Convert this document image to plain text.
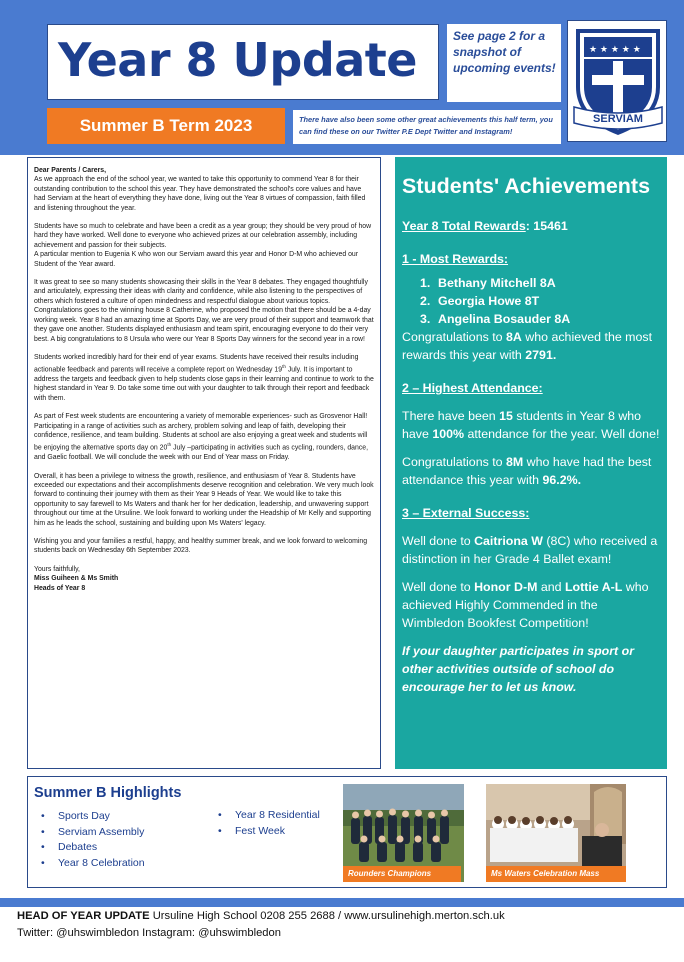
Year 8 Update
Summer B Term 2023
See page 2 for a snapshot of upcoming events!
There have also been some other great achievements this half term, you can find these on our Twitter P.E Dept Twitter and Instagram!
★ ★ ★ ★ ★
SERVIAM
Dear Parents / Carers,
As we approach the end of the school year, we wanted to take this opportunity to commend Year 8 for their outstanding contribution to the school this year. They have demonstrated the school's core values and have had Serviam at the heart of everything they have done, living out the Year 8 virtues of compassion, faith filled and listening throughout the year.
Students have so much to celebrate and have been a credit as a year group; they should be very proud of how hard they have worked. Well done to everyone who achieved prizes at our celebration assembly, including achievement and passion for their subjects.
A particular mention to Eugenia K who won our Serviam award this year and Honor D-M who achieved our Student of the Year award.
It was great to see so many students showcasing their skills in the Year 8 debates. They engaged thoughtfully and articulately, expressing their ideas with clarity and confidence, while also listening to the perspectives of others which fostered a culture of open mindedness and respectful dialogue about various topics. Congratulations goes to the winning house 8 Catherine, who proposed the motion that there should be a 4-day working week. Year 8 had an amazing time at Sports Day, we are very proud of their support and teamwork that they gave one another. Students displayed enthusiasm and team spirit, encouraging everyone to do their very best. A big congratulations to 8 Ursula who were our Year 8 Sports Day winners for the second year in a row!
Students worked incredibly hard for their end of year exams. Students have received their results including actionable feedback and parents will receive a complete report on Wednesday 19th July. It is important to address the targets and feedback given to help students close gaps in their learning and continue to work to the highest standard in Year 9. Do take some time out with your daughter to talk through their report and feedback with them.
As part of Fest week students are encountering a variety of memorable experiences- such as Grosvenor Hall! Participating in a range of activities such as archery, problem solving and leap of faith, developing their confidence, resilience, and team building. Students at school are also enjoying a great week and students will be enjoying the alternative sports day on 20th July –participating in activities such as cycling, rounders, dance, and Gaelic football. We will conclude the week with our End of Year mass on Friday.
Overall, it has been a privilege to witness the growth, resilience, and enthusiasm of Year 8. Students have exceeded our expectations and their accomplishments deserve recognition and celebration. We very much look forward to continuing their journey with them as their Year 9 Heads of Year. We would like to take this opportunity to say farewell to Ms Waters and thank her for her dedication, leadership, and unwavering support throughout our time at the Ursuline. We look forward to working under the Headship of Mr Kelly and supporting him as he leads the school, sustaining and building upon Ms Waters' legacy.
Wishing you and your families a restful, happy, and healthy summer break, and we look forward to welcoming students back on Wednesday 6th September 2023.
Yours faithfully,
Miss Guiheen & Ms Smith
Heads of Year 8
Students' Achievements
Year 8 Total Rewards: 15461
1 - Most Rewards:
1. Bethany Mitchell 8A
2. Georgia Howe 8T
3. Angelina Bosauder 8A
Congratulations to 8A who achieved the most rewards this year with 2791.
2 – Highest Attendance:
There have been 15 students in Year 8 who have 100% attendance for the year. Well done!
Congratulations to 8M who have had the best attendance this year with 96.2%.
3 – External Success:
Well done to Caitriona W (8C) who received a distinction in her Grade 4 Ballet exam!
Well done to Honor D-M and Lottie A-L who achieved Highly Commended in the Wimbledon Bookfest Competition!
If your daughter participates in sport or other activities outside of school do encourage her to let us know.
Summer B Highlights
• Sports Day
• Serviam Assembly
• Debates
• Year 8 Celebration
• Year 8 Residential
• Fest Week
Rounders Champions	Ms Waters Celebration Mass
HEAD OF YEAR UPDATE Ursuline High School 0208 255 2688 / www.ursulinehigh.merton.sch.uk
Twitter: @uhswimbledon Instagram: @uhswimbledon
